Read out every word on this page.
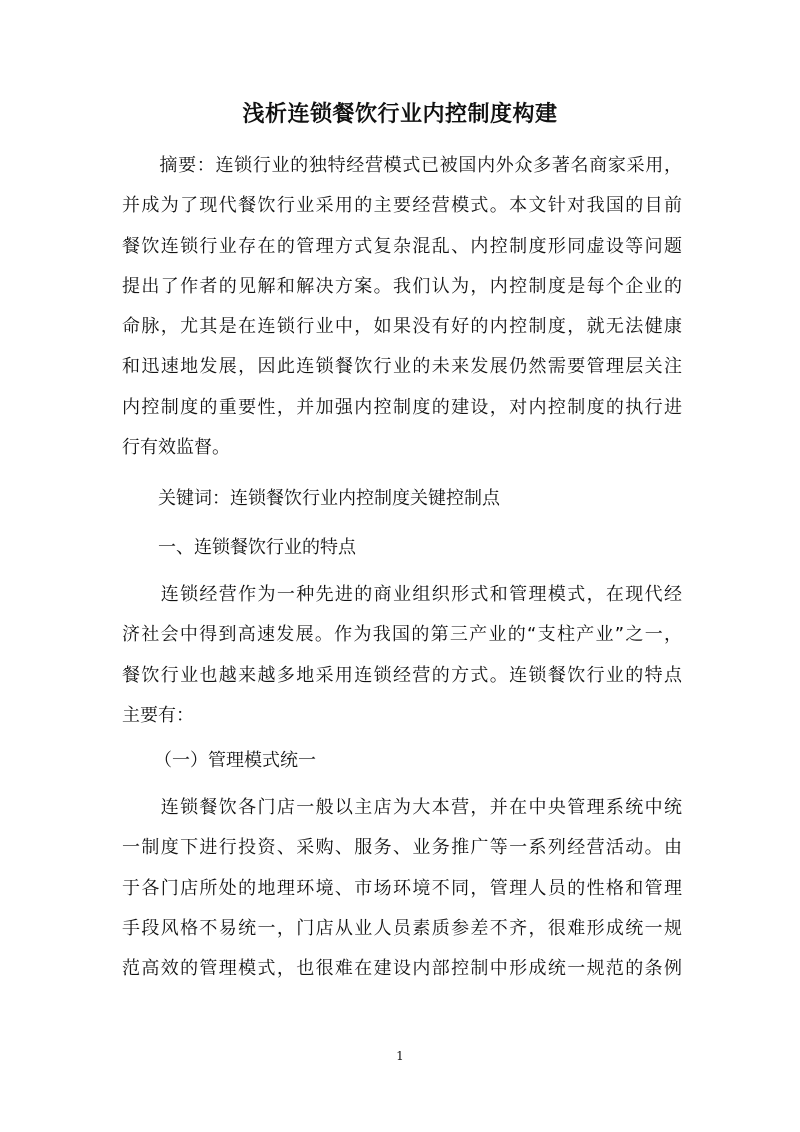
浅析连锁餐饮行业内控制度构建
　　摘要：连锁行业的独特经营模式已被国内外众多著名商家采用，
并成为了现代餐饮行业采用的主要经营模式。本文针对我国的目前
餐饮连锁行业存在的管理方式复杂混乱、内控制度形同虚设等问题
提出了作者的见解和解决方案。我们认为，内控制度是每个企业的
命脉，尤其是在连锁行业中，如果没有好的内控制度，就无法健康
和迅速地发展，因此连锁餐饮行业的未来发展仍然需要管理层关注
内控制度的重要性，并加强内控制度的建设，对内控制度的执行进
行有效监督。
关键词：连锁餐饮行业内控制度关键控制点
一、连锁餐饮行业的特点
　　连锁经营作为一种先进的商业组织形式和管理模式，在现代经
济社会中得到高速发展。作为我国的第三产业的“支柱产业”之一，
餐饮行业也越来越多地采用连锁经营的方式。连锁餐饮行业的特点
主要有：
（一）管理模式统一
　　连锁餐饮各门店一般以主店为大本营，并在中央管理系统中统
一制度下进行投资、采购、服务、业务推广等一系列经营活动。由
于各门店所处的地理环境、市场环境不同，管理人员的性格和管理
手段风格不易统一，门店从业人员素质参差不齐，很难形成统一规
范高效的管理模式，也很难在建设内部控制中形成统一规范的条例
1
